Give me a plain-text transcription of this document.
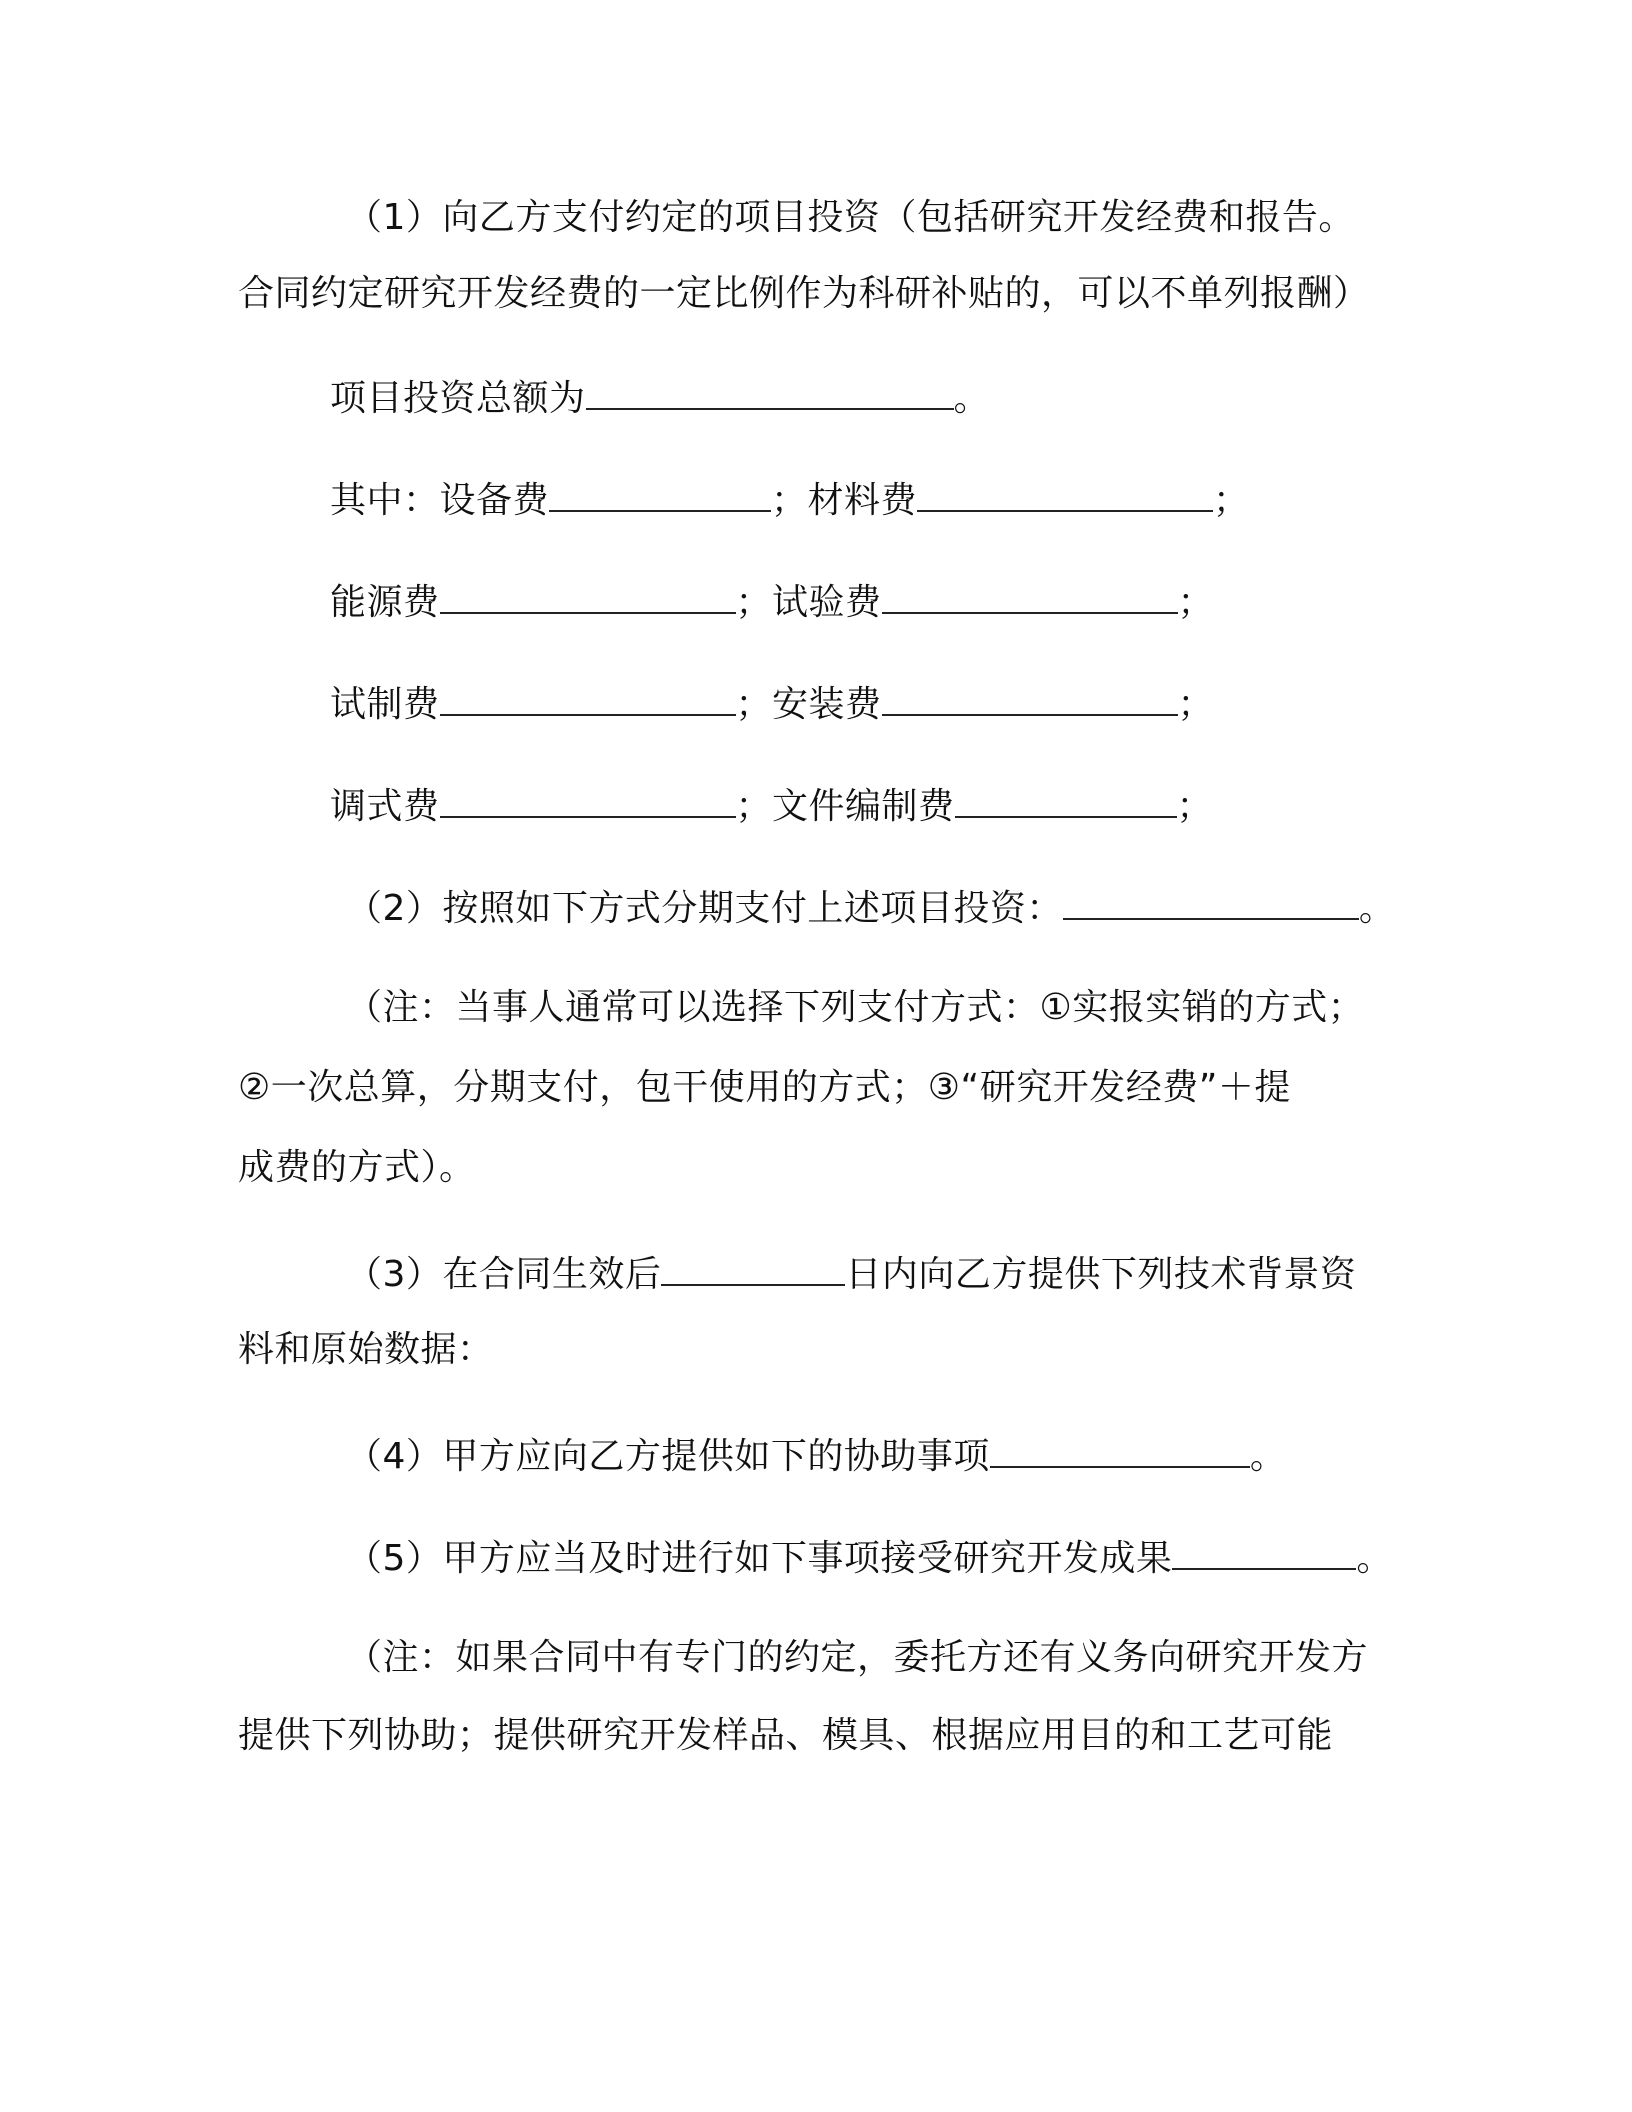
（1）向乙方支付约定的项目投资（包括研究开发经费和报告。
合同约定研究开发经费的一定比例作为科研补贴的，可以不单列报酬）
项目投资总额为	。
其中：设备费	；材料费	；
能源费	；试验费	；
试制费	；安装费	；
调式费	；文件编制费	；
（2）按照如下方式分期支付上述项目投资：	。
（注：当事人通常可以选择下列支付方式：①实报实销的方式；
②一次总算，分期支付，包干使用的方式；③“研究开发经费”＋提
成费的方式）。
（3）在合同生效后	日内向乙方提供下列技术背景资
料和原始数据：
（4）甲方应向乙方提供如下的协助事项	。
（5）甲方应当及时进行如下事项接受研究开发成果	。
（注：如果合同中有专门的约定，委托方还有义务向研究开发方
提供下列协助；提供研究开发样品、模具、根据应用目的和工艺可能
